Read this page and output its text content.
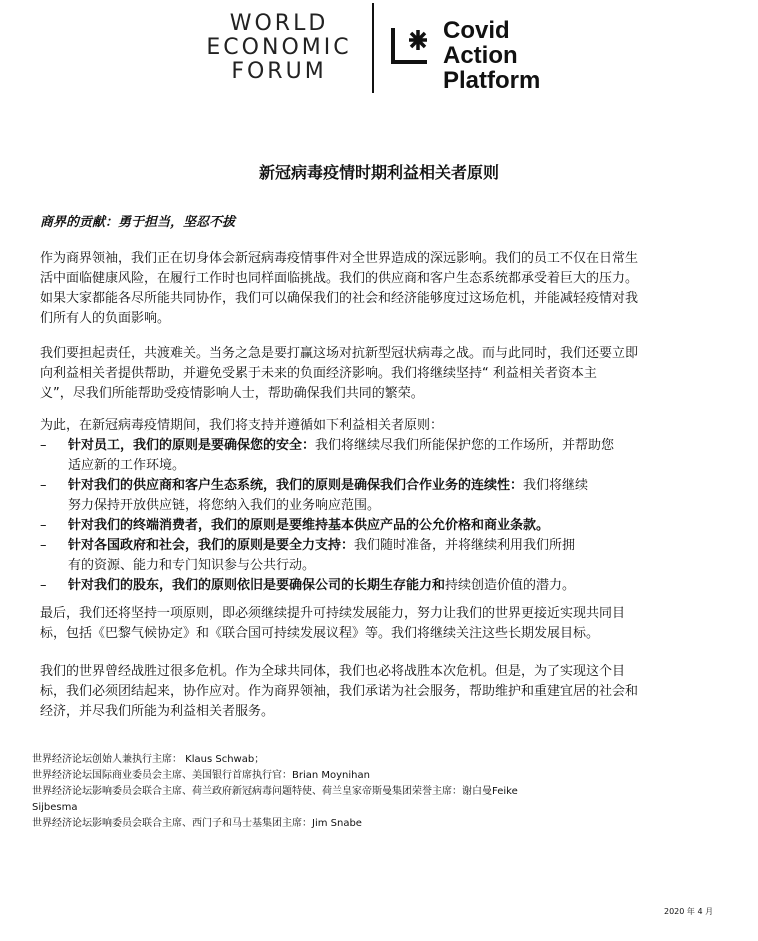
WORLD
ECONOMIC
FORUM
Covid
Action
Platform
新冠病毒疫情时期利益相关者原则
商界的贡献：勇于担当，坚忍不拔
作为商界领袖，我们正在切身体会新冠病毒疫情事件对全世界造成的深远影响。我们的员工不仅在日常生
活中面临健康风险，在履行工作时也同样面临挑战。我们的供应商和客户生态系统都承受着巨大的压力。
如果大家都能各尽所能共同协作，我们可以确保我们的社会和经济能够度过这场危机，并能减轻疫情对我
们所有人的负面影响。
我们要担起责任，共渡难关。当务之急是要打赢这场对抗新型冠状病毒之战。而与此同时，我们还要立即
向利益相关者提供帮助，并避免受累于未来的负面经济影响。我们将继续坚持“ 利益相关者资本主
义”，尽我们所能帮助受疫情影响人士，帮助确保我们共同的繁荣。
为此，在新冠病毒疫情期间，我们将支持并遵循如下利益相关者原则：
– 针对员工，我们的原则是要确保您的安全：我们将继续尽我们所能保护您的工作场所，并帮助您
适应新的工作环境。
– 针对我们的供应商和客户生态系统，我们的原则是确保我们合作业务的连续性：我们将继续
努力保持开放供应链，将您纳入我们的业务响应范围。
– 针对我们的终端消费者，我们的原则是要维持基本供应产品的公允价格和商业条款。
– 针对各国政府和社会，我们的原则是要全力支持：我们随时准备，并将继续利用我们所拥
有的资源、能力和专门知识参与公共行动。
– 针对我们的股东，我们的原则依旧是要确保公司的长期生存能力和持续创造价值的潜力。
最后，我们还将坚持一项原则，即必须继续提升可持续发展能力，努力让我们的世界更接近实现共同目
标，包括《巴黎气候协定》和《联合国可持续发展议程》等。我们将继续关注这些长期发展目标。
我们的世界曾经战胜过很多危机。作为全球共同体，我们也必将战胜本次危机。但是，为了实现这个目
标，我们必须团结起来，协作应对。作为商界领袖，我们承诺为社会服务，帮助维护和重建宜居的社会和
经济，并尽我们所能为利益相关者服务。
世界经济论坛创始人兼执行主席： Klaus Schwab；
世界经济论坛国际商业委员会主席、美国银行首席执行官：Brian Moynihan
世界经济论坛影响委员会联合主席、荷兰政府新冠病毒问题特使、荷兰皇家帝斯曼集团荣誉主席：谢白曼Feike
Sijbesma
世界经济论坛影响委员会联合主席、西门子和马士基集团主席：Jim Snabe
2020 年 4 月
